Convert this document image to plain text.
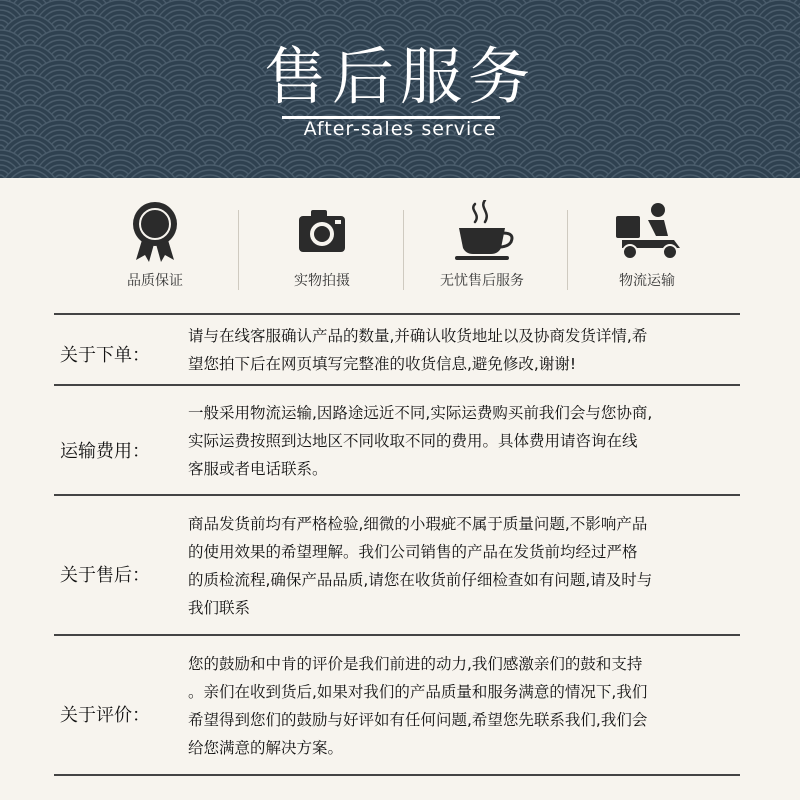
售后服务
After-sales service
品质保证	实物拍摄	无忧售后服务	物流运输
关于下单：
请与在线客服确认产品的数量,并确认收货地址以及协商发货详情,希
望您拍下后在网页填写完整准的收货信息,避免修改,谢谢!
运输费用：
一般采用物流运输,因路途远近不同,实际运费购买前我们会与您协商,
实际运费按照到达地区不同收取不同的费用。具体费用请咨询在线
客服或者电话联系。
关于售后：
商品发货前均有严格检验,细微的小瑕疵不属于质量问题,不影响产品
的使用效果的希望理解。我们公司销售的产品在发货前均经过严格
的质检流程,确保产品品质,请您在收货前仔细检查如有问题,请及时与
我们联系
关于评价：
您的鼓励和中肯的评价是我们前进的动力,我们感激亲们的鼓和支持
。亲们在收到货后,如果对我们的产品质量和服务满意的情况下,我们
希望得到您们的鼓励与好评如有任何问题,希望您先联系我们,我们会
给您满意的解决方案。
